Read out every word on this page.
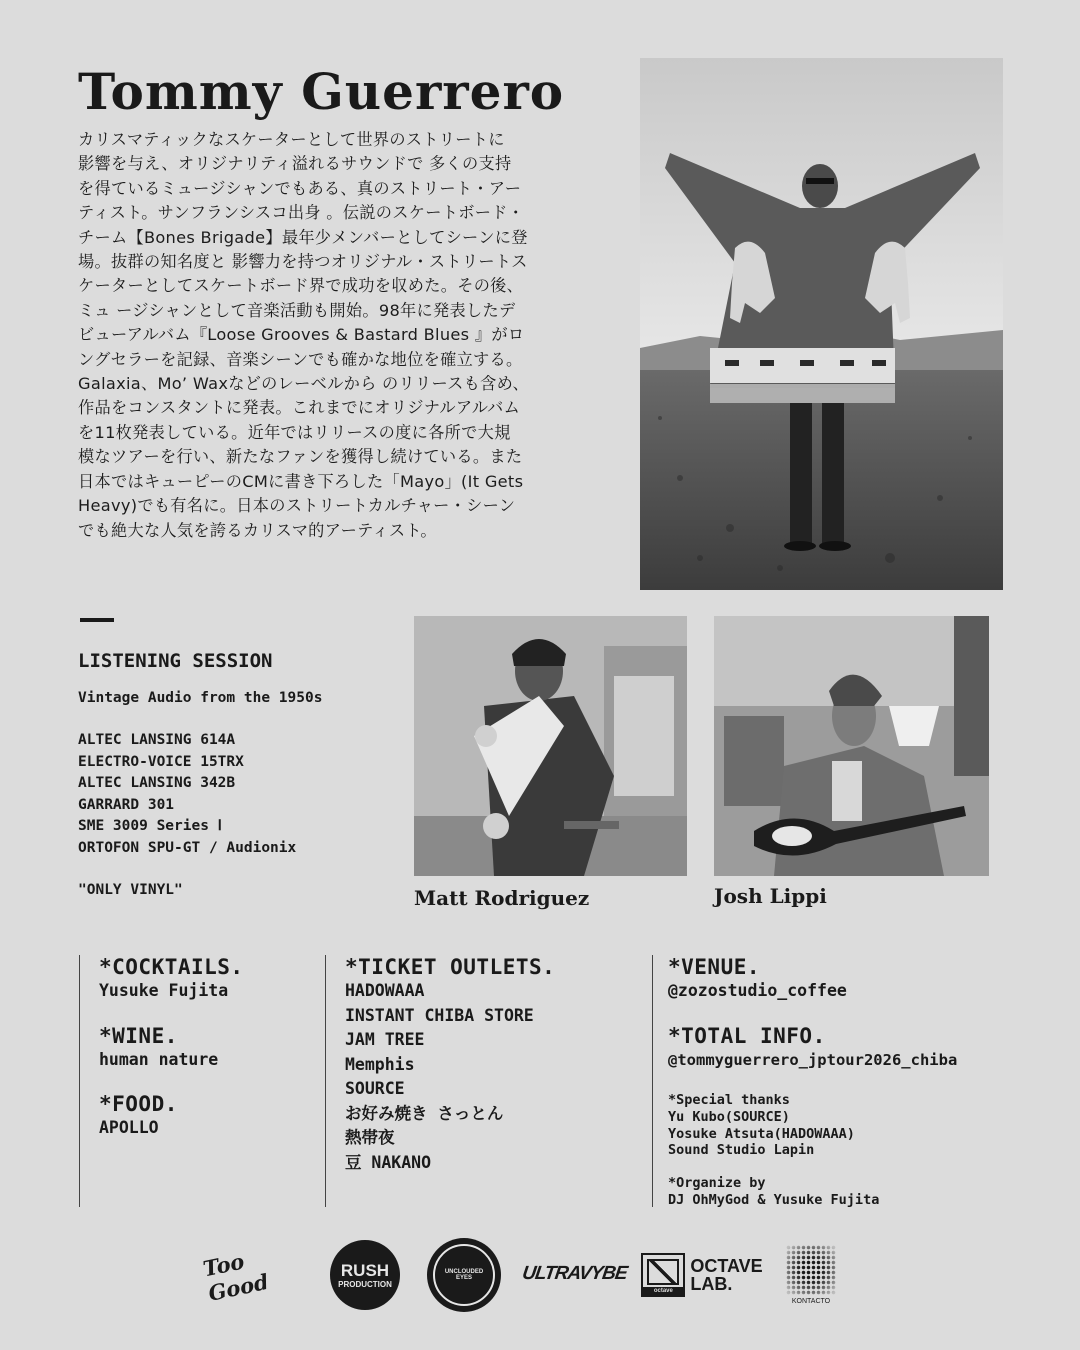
Tommy Guerrero
カリスマティックなスケーターとして世界のストリートに
影響を与え、オリジナリティ溢れるサウンドで 多くの支持
を得ているミュージシャンでもある、真のストリート・アー
ティスト。サンフランシスコ出身 。伝説のスケートボード・
チーム【Bones Brigade】最年少メンバーとしてシーンに登
場。抜群の知名度と 影響力を持つオリジナル・ストリートス
ケーターとしてスケートボード界で成功を収めた。その後、
ミュ ージシャンとして音楽活動も開始。98年に発表したデ
ビューアルバム『Loose Grooves & Bastard Blues 』がロ
ングセラーを記録、音楽シーンでも確かな地位を確立する。
Galaxia、Mo’ Waxなどのレーベルから のリリースも含め、
作品をコンスタントに発表。これまでにオリジナルアルバム
を11枚発表している。近年ではリリースの度に各所で大規
模なツアーを行い、新たなファンを獲得し続けている。また
日本ではキューピーのCMに書き下ろした「Mayo」(It Gets
Heavy)でも有名に。日本のストリートカルチャー・シーン
でも絶大な人気を誇るカリスマ的アーティスト。
LISTENING SESSION
Vintage Audio from the 1950s
ALTEC LANSING 614A
ELECTRO-VOICE 15TRX
ALTEC LANSING 342B
GARRARD 301
SME 3009 Series Ⅰ
ORTOFON SPU-GT / Audionix
"ONLY VINYL"	Matt Rodriguez	Josh Lippi
*COCKTAILS.
Yusuke Fujita
*WINE.
human nature
*FOOD.
APOLLO
*TICKET OUTLETS.
HADOWAAA
INSTANT CHIBA STORE
JAM TREE
Memphis
SOURCE
お好み焼き さっとん
熱帯夜
豆 NAKANO
*VENUE.
@zozostudio_coffee
*TOTAL INFO.
@tommyguerrero_jptour2026_chiba
*Special thanks
Yu Kubo(SOURCE)
Yosuke Atsuta(HADOWAAA)
Sound Studio Lapin
*Organize by
DJ OhMyGod & Yusuke Fujita
Too Good	RUSH
PRODUCTION
UNCLOUDED EYES	ULTRAVYBE
octave
OCTAVE
LAB.
KONTACTO
